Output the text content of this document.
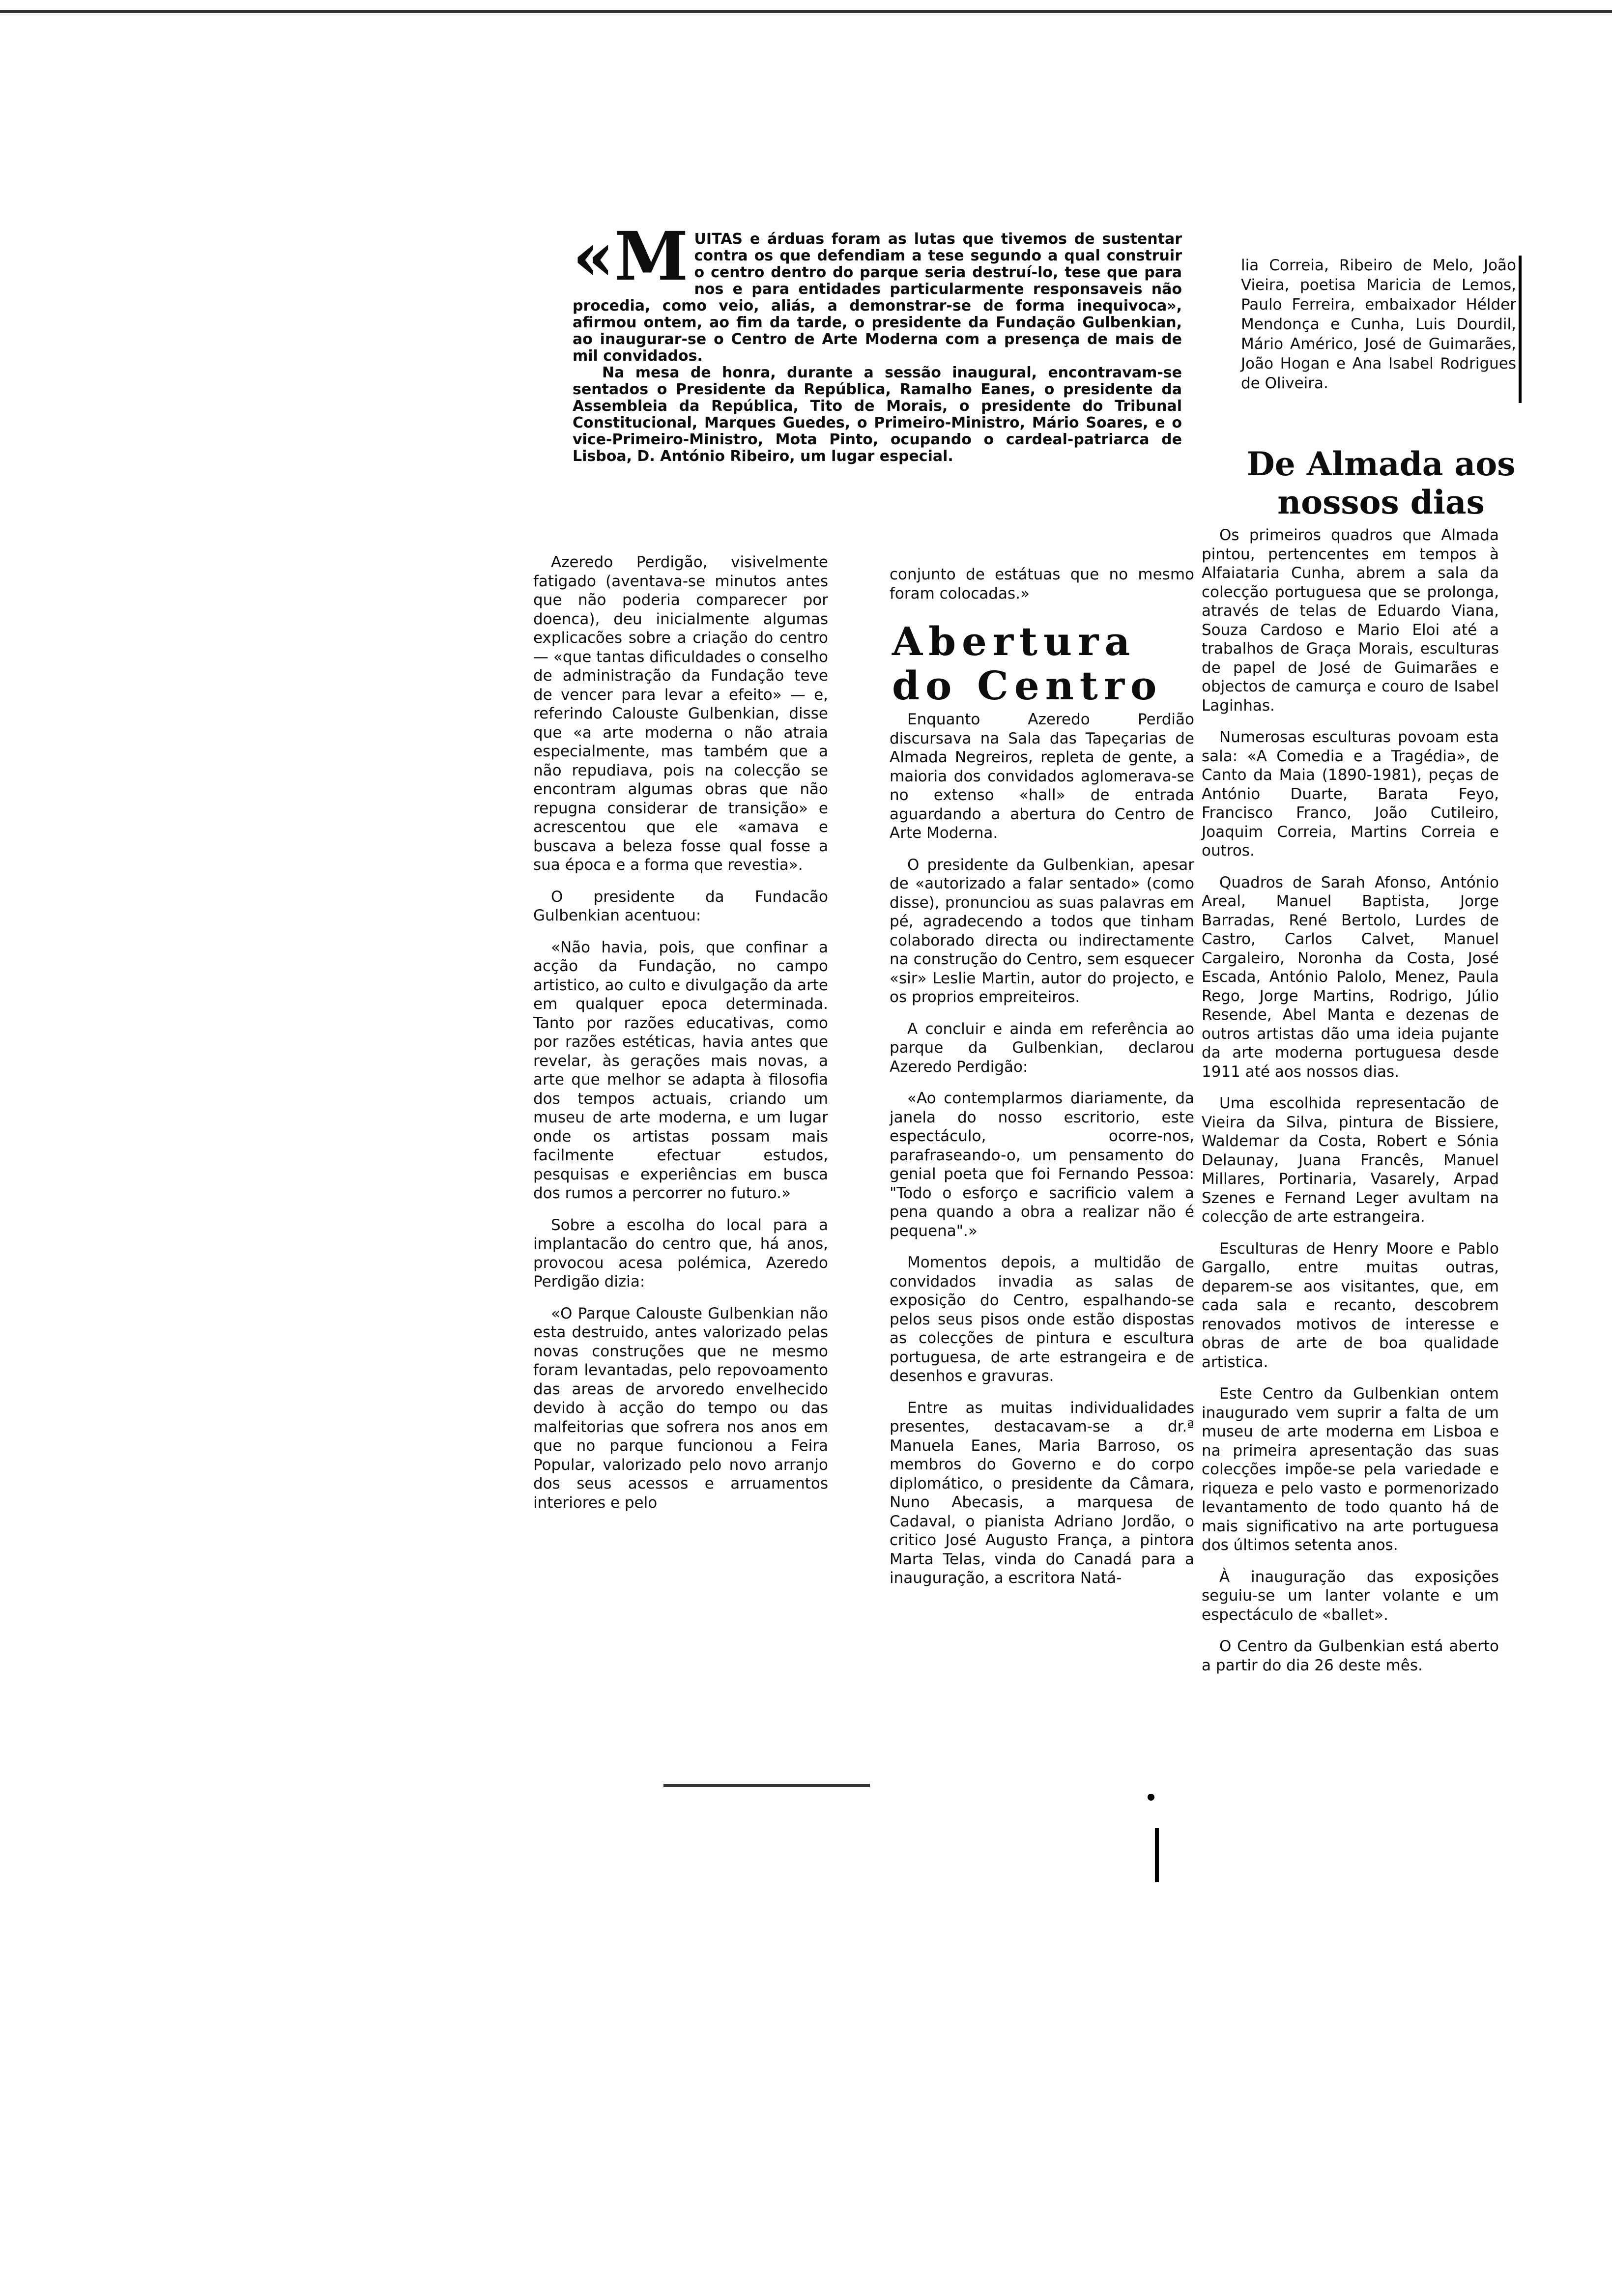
«M UITAS e árduas foram as lutas que tivemos de sustentar contra os que defendiam a tese segundo a qual construir o centro dentro do parque seria destruí-lo, tese que para nos e para entidades particularmente responsaveis não procedia, como veio, aliás, a demonstrar-se de forma inequivoca», afirmou ontem, ao fim da tarde, o presidente da Fundação Gulbenkian, ao inaugurar-se o Centro de Arte Moderna com a presença de mais de mil convidados.

Na mesa de honra, durante a sessão inaugural, encontravam-se sentados o Presidente da República, Ramalho Eanes, o presidente da Assembleia da República, Tito de Morais, o presidente do Tribunal Constitucional, Marques Guedes, o Primeiro-Ministro, Mário Soares, e o vice-Primeiro-Ministro, Mota Pinto, ocupando o cardeal-patriarca de Lisboa, D. António Ribeiro, um lugar especial.

Azeredo Perdigão, visivelmente fatigado (aventava-se minutos antes que não poderia comparecer por doenca), deu inicialmente algumas explicacões sobre a criação do centro — «que tantas dificuldades o conselho de administração da Fundação teve de vencer para levar a efeito» — e, referindo Calouste Gulbenkian, disse que «a arte moderna o não atraia especialmente, mas também que a não repudiava, pois na colecção se encontram algumas obras que não repugna considerar de transição» e acrescentou que ele «amava e buscava a beleza fosse qual fosse a sua época e a forma que revestia».

O presidente da Fundacão Gulbenkian acentuou:

«Não havia, pois, que confinar a acção da Fundação, no campo artistico, ao culto e divulgação da arte em qualquer epoca determinada. Tanto por razões educativas, como por razões estéticas, havia antes que revelar, às gerações mais novas, a arte que melhor se adapta à filosofia dos tempos actuais, criando um museu de arte moderna, e um lugar onde os artistas possam mais facilmente efectuar estudos, pesquisas e experiências em busca dos rumos a percorrer no futuro.»

Sobre a escolha do local para a implantacão do centro que, há anos, provocou acesa polémica, Azeredo Perdigão dizia:

«O Parque Calouste Gulbenkian não esta destruido, antes valorizado pelas novas construções que ne mesmo foram levantadas, pelo repovoamento das areas de arvoredo envelhecido devido à acção do tempo ou das malfeitorias que sofrera nos anos em que no parque funcionou a Feira Popular, valorizado pelo novo arranjo dos seus acessos e arruamentos interiores e pelo

conjunto de estátuas que no mesmo foram colocadas.»

Abertura do Centro

Enquanto Azeredo Perdião discursava na Sala das Tapeçarias de Almada Negreiros, repleta de gente, a maioria dos convidados aglomerava-se no extenso «hall» de entrada aguardando a abertura do Centro de Arte Moderna.

O presidente da Gulbenkian, apesar de «autorizado a falar sentado» (como disse), pronunciou as suas palavras em pé, agradecendo a todos que tinham colaborado directa ou indirectamente na construção do Centro, sem esquecer «sir» Leslie Martin, autor do projecto, e os proprios empreiteiros.

A concluir e ainda em referência ao parque da Gulbenkian, declarou Azeredo Perdigão:

«Ao contemplarmos diariamente, da janela do nosso escritorio, este espectáculo, ocorre-nos, parafraseando-o, um pensamento do genial poeta que foi Fernando Pessoa: "Todo o esforço e sacrificio valem a pena quando a obra a realizar não é pequena".»

Momentos depois, a multidão de convidados invadia as salas de exposição do Centro, espalhando-se pelos seus pisos onde estão dispostas as colecções de pintura e escultura portuguesa, de arte estrangeira e de desenhos e gravuras.

Entre as muitas individualidades presentes, destacavam-se a dr.ª Manuela Eanes, Maria Barroso, os membros do Governo e do corpo diplomático, o presidente da Câmara, Nuno Abecasis, a marquesa de Cadaval, o pianista Adriano Jordão, o critico José Augusto França, a pintora Marta Telas, vinda do Canadá para a inauguração, a escritora Natá-

lia Correia, Ribeiro de Melo, João Vieira, poetisa Maricia de Lemos, Paulo Ferreira, embaixador Hélder Mendonça e Cunha, Luis Dourdil, Mário Américo, José de Guimarães, João Hogan e Ana Isabel Rodrigues de Oliveira.

De Almada aos nossos dias

Os primeiros quadros que Almada pintou, pertencentes em tempos à Alfaiataria Cunha, abrem a sala da colecção portuguesa que se prolonga, através de telas de Eduardo Viana, Souza Cardoso e Mario Eloi até a trabalhos de Graça Morais, esculturas de papel de José de Guimarães e objectos de camurça e couro de Isabel Laginhas.

Numerosas esculturas povoam esta sala: «A Comedia e a Tragédia», de Canto da Maia (1890-1981), peças de António Duarte, Barata Feyo, Francisco Franco, João Cutileiro, Joaquim Correia, Martins Correia e outros.

Quadros de Sarah Afonso, António Areal, Manuel Baptista, Jorge Barradas, René Bertolo, Lurdes de Castro, Carlos Calvet, Manuel Cargaleiro, Noronha da Costa, José Escada, António Palolo, Menez, Paula Rego, Jorge Martins, Rodrigo, Júlio Resende, Abel Manta e dezenas de outros artistas dão uma ideia pujante da arte moderna portuguesa desde 1911 até aos nossos dias.

Uma escolhida representacão de Vieira da Silva, pintura de Bissiere, Waldemar da Costa, Robert e Sónia Delaunay, Juana Francês, Manuel Millares, Portinaria, Vasarely, Arpad Szenes e Fernand Leger avultam na colecção de arte estrangeira.

Esculturas de Henry Moore e Pablo Gargallo, entre muitas outras, deparem-se aos visitantes, que, em cada sala e recanto, descobrem renovados motivos de interesse e obras de arte de boa qualidade artistica.

Este Centro da Gulbenkian ontem inaugurado vem suprir a falta de um museu de arte moderna em Lisboa e na primeira apresentação das suas colecções impõe-se pela variedade e riqueza e pelo vasto e pormenorizado levantamento de todo quanto há de mais significativo na arte portuguesa dos últimos setenta anos.

À inauguração das exposições seguiu-se um lanter volante e um espectáculo de «ballet».

O Centro da Gulbenkian está aberto a partir do dia 26 deste mês.
